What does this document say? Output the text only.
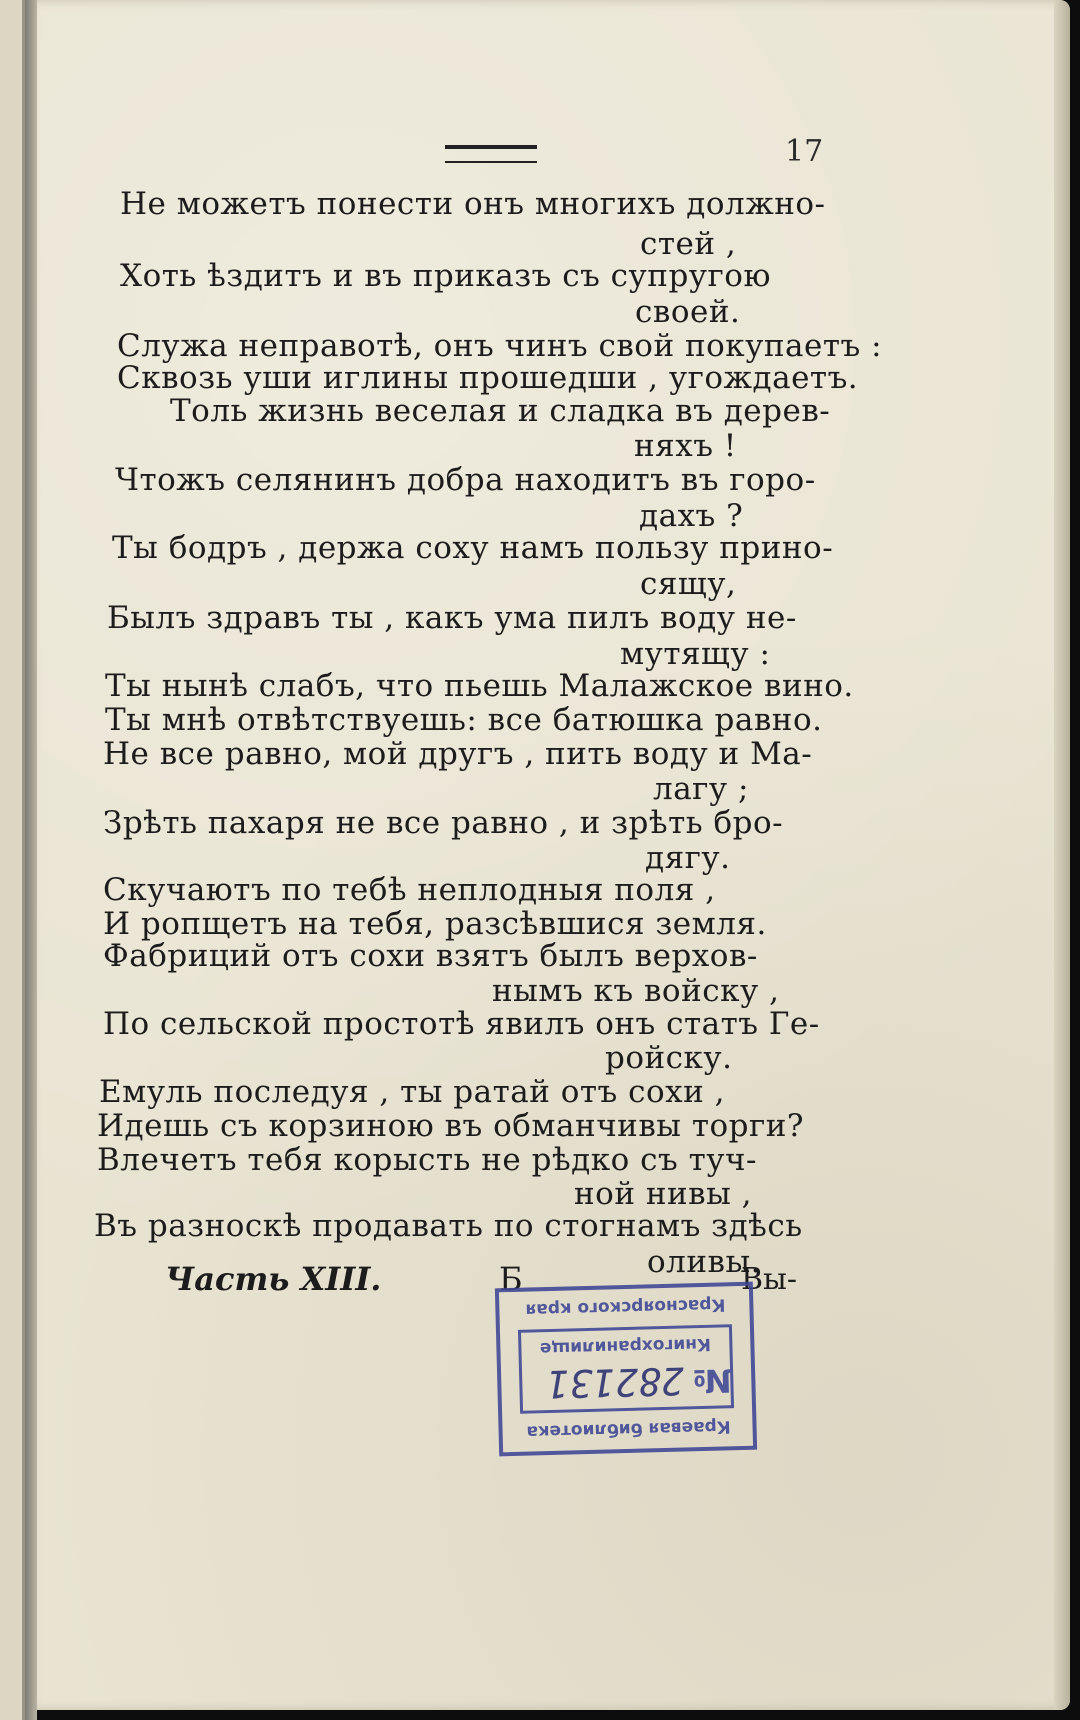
17
Не можетъ понести онъ многихъ должно-
стей ,
Хоть ѣздитъ и въ приказъ съ супругою
своей.
Служа неправотѣ, онъ чинъ свой покупаетъ :
Сквозь уши иглины прошедши , угождаетъ.
Толь жизнь веселая и сладка въ дерев-
няхъ !
Чтожъ селянинъ добра находитъ въ горо-
дахъ ?
Ты бодръ , держа соху намъ пользу прино-
сящу,
Былъ здравъ ты , какъ ума пилъ воду не-
мутящу :
Ты нынѣ слабъ, что пьешь Малажское вино.
Ты мнѣ отвѣтствуешь: все батюшка равно.
Не все равно, мой другъ , пить воду и Ма-
лагу ;
Зрѣть пахаря не все равно , и зрѣть бро-
дягу.
Скучаютъ по тебѣ неплодныя поля ,
И ропщетъ на тебя, разсѣвшися земля.
Фабриций отъ сохи взятъ былъ верхов-
нымъ къ войску ,
По сельской простотѣ явилъ онъ статъ Ге-
ройску.
Емуль последуя , ты ратай отъ сохи ,
Идешь съ корзиною въ обманчивы торги?
Влечетъ тебя корысть не рѣдко съ туч-
ной нивы ,
Въ разноскѣ продавать по стогнамъ здѣсь
оливы.
Часть XIII.	Б	Вы-
Красноярского края
Книгохранилище
282131 №
Краевая библиотека
